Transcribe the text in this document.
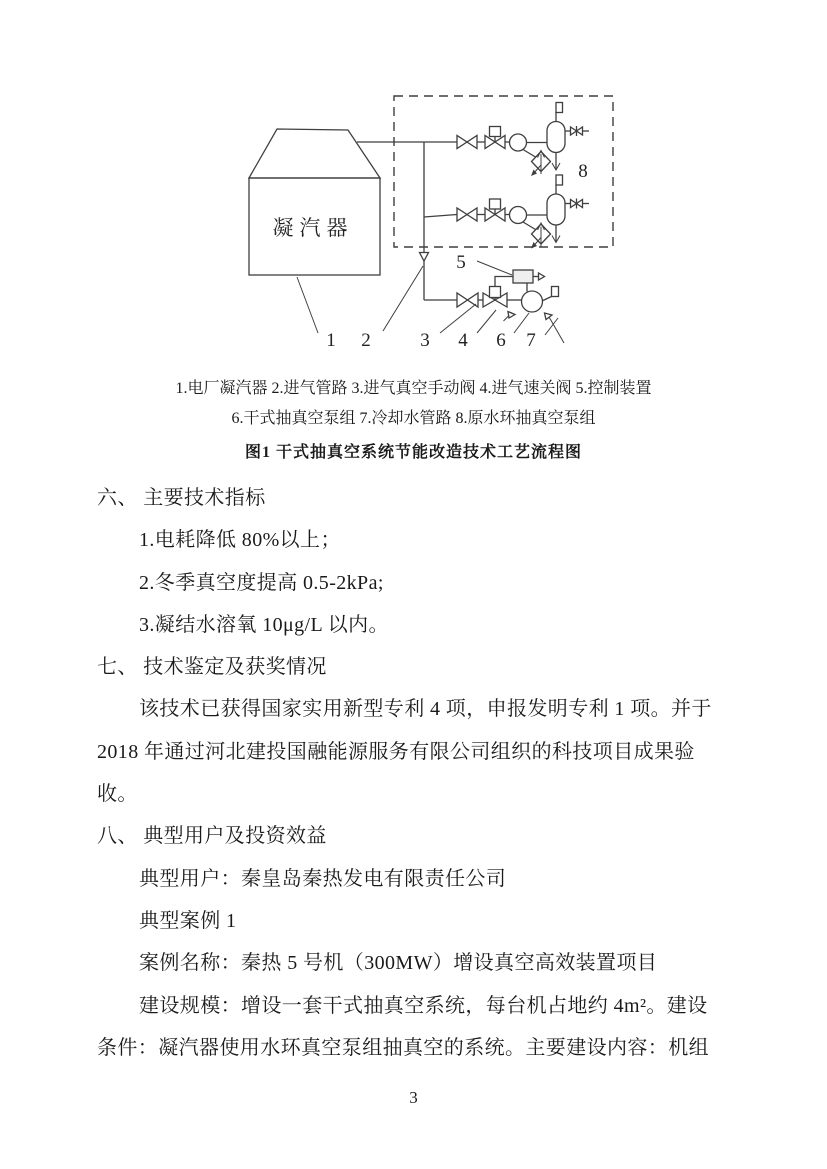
凝汽器
1 2	3 4
5
6 7
8
1.电厂凝汽器 2.进气管路 3.进气真空手动阀 4.进气速关阀 5.控制装置
6.干式抽真空泵组 7.冷却水管路 8.原水环抽真空泵组
图1 干式抽真空系统节能改造技术工艺流程图
六、 主要技术指标
1.电耗降低 80%以上；
2.冬季真空度提高 0.5-2kPa;
3.凝结水溶氧 10μg/L 以内。
七、 技术鉴定及获奖情况
该技术已获得国家实用新型专利 4 项，申报发明专利 1 项。并于
2018 年通过河北建投国融能源服务有限公司组织的科技项目成果验
收。
八、 典型用户及投资效益
典型用户：秦皇岛秦热发电有限责任公司
典型案例 1
案例名称：秦热 5 号机（300MW）增设真空高效装置项目
建设规模：增设一套干式抽真空系统，每台机占地约 4m²。建设
条件：凝汽器使用水环真空泵组抽真空的系统。主要建设内容：机组
3
